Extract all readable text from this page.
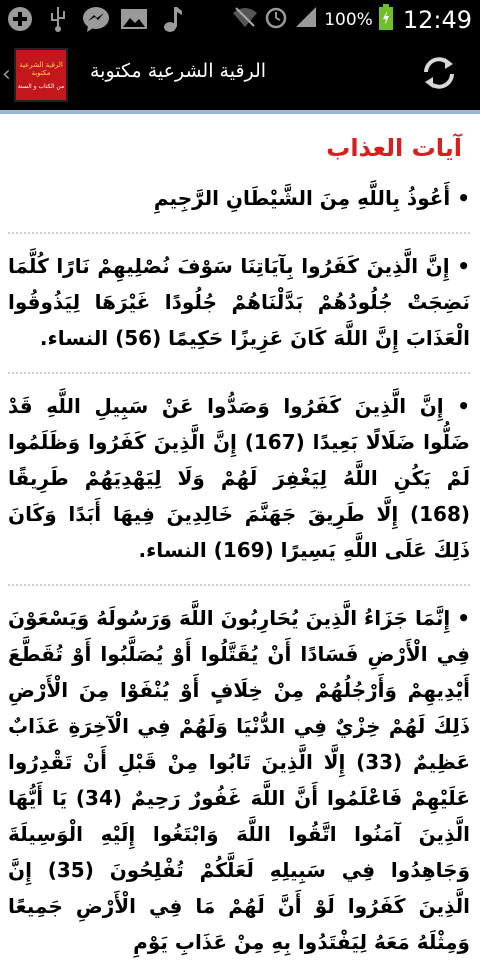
100% 12:49
‹	الرقية الشرعية مكتوبة
من الكتاب و السنة
الرقية الشرعية مكتوبة
آيات العذاب
• أَعُوذُ بِاللَّهِ مِنَ الشَّيْطَانِ الرَّجِيمِ
• إِنَّ الَّذِينَ كَفَرُوا بِآيَاتِنَا سَوْفَ نُصْلِيهِمْ نَارًا كُلَّمَا نَضِجَتْ جُلُودُهُمْ بَدَّلْنَاهُمْ جُلُودًا غَيْرَهَا لِيَذُوقُوا الْعَذَابَ إِنَّ اللَّهَ كَانَ عَزِيزًا حَكِيمًا (56) النساء.
• إِنَّ الَّذِينَ كَفَرُوا وَصَدُّوا عَنْ سَبِيلِ اللَّهِ قَدْ ضَلُّوا ضَلَالًا بَعِيدًا (167) إِنَّ الَّذِينَ كَفَرُوا وَظَلَمُوا لَمْ يَكُنِ اللَّهُ لِيَغْفِرَ لَهُمْ وَلَا لِيَهْدِيَهُمْ طَرِيقًا (168) إِلَّا طَرِيقَ جَهَنَّمَ خَالِدِينَ فِيهَا أَبَدًا وَكَانَ ذَلِكَ عَلَى اللَّهِ يَسِيرًا (169) النساء.
• إِنَّمَا جَزَاءُ الَّذِينَ يُحَارِبُونَ اللَّهَ وَرَسُولَهُ وَيَسْعَوْنَ فِي الْأَرْضِ فَسَادًا أَنْ يُقَتَّلُوا أَوْ يُصَلَّبُوا أَوْ تُقَطَّعَ أَيْدِيهِمْ وَأَرْجُلُهُمْ مِنْ خِلَافٍ أَوْ يُنْفَوْا مِنَ الْأَرْضِ ذَلِكَ لَهُمْ خِزْيٌ فِي الدُّنْيَا وَلَهُمْ فِي الْآخِرَةِ عَذَابٌ عَظِيمٌ (33) إِلَّا الَّذِينَ تَابُوا مِنْ قَبْلِ أَنْ تَقْدِرُوا عَلَيْهِمْ فَاعْلَمُوا أَنَّ اللَّهَ غَفُورٌ رَحِيمٌ (34) يَا أَيُّهَا الَّذِينَ آمَنُوا اتَّقُوا اللَّهَ وَابْتَغُوا إِلَيْهِ الْوَسِيلَةَ وَجَاهِدُوا فِي سَبِيلِهِ لَعَلَّكُمْ تُفْلِحُونَ (35) إِنَّ الَّذِينَ كَفَرُوا لَوْ أَنَّ لَهُمْ مَا فِي الْأَرْضِ جَمِيعًا وَمِثْلَهُ مَعَهُ لِيَفْتَدُوا بِهِ مِنْ عَذَابِ يَوْمِ
